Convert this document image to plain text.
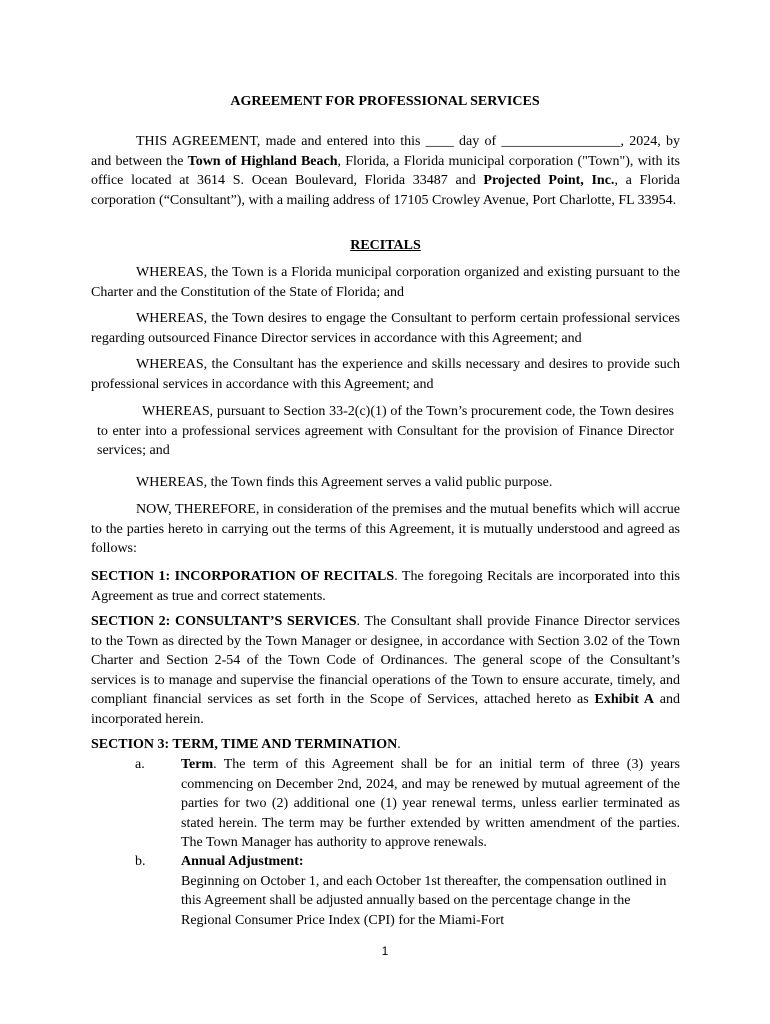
AGREEMENT FOR PROFESSIONAL SERVICES
THIS AGREEMENT, made and entered into this ____ day of _________________, 2024, by and between the Town of Highland Beach, Florida, a Florida municipal corporation ("Town"), with its office located at 3614 S. Ocean Boulevard, Florida 33487 and Projected Point, Inc., a Florida corporation (“Consultant”), with a mailing address of 17105 Crowley Avenue, Port Charlotte, FL 33954.
RECITALS
WHEREAS, the Town is a Florida municipal corporation organized and existing pursuant to the Charter and the Constitution of the State of Florida; and
WHEREAS, the Town desires to engage the Consultant to perform certain professional services regarding outsourced Finance Director services in accordance with this Agreement; and
WHEREAS, the Consultant has the experience and skills necessary and desires to provide such professional services in accordance with this Agreement; and
WHEREAS, pursuant to Section 33-2(c)(1) of the Town’s procurement code, the Town desires to enter into a professional services agreement with Consultant for the provision of Finance Director services; and
WHEREAS, the Town finds this Agreement serves a valid public purpose.
NOW, THEREFORE, in consideration of the premises and the mutual benefits which will accrue to the parties hereto in carrying out the terms of this Agreement, it is mutually understood and agreed as follows:
SECTION 1: INCORPORATION OF RECITALS. The foregoing Recitals are incorporated into this Agreement as true and correct statements.
SECTION 2: CONSULTANT’S SERVICES. The Consultant shall provide Finance Director services to the Town as directed by the Town Manager or designee, in accordance with Section 3.02 of the Town Charter and Section 2-54 of the Town Code of Ordinances. The general scope of the Consultant’s services is to manage and supervise the financial operations of the Town to ensure accurate, timely, and compliant financial services as set forth in the Scope of Services, attached hereto as Exhibit A and incorporated herein.
SECTION 3: TERM, TIME AND TERMINATION.
a.	Term. The term of this Agreement shall be for an initial term of three (3) years commencing on December 2nd, 2024, and may be renewed by mutual agreement of the parties for two (2) additional one (1) year renewal terms, unless earlier terminated as stated herein. The term may be further extended by written amendment of the parties. The Town Manager has authority to approve renewals.
b.	Annual Adjustment:
Beginning on October 1, and each October 1st thereafter, the compensation outlined in this Agreement shall be adjusted annually based on the percentage change in the Regional Consumer Price Index (CPI) for the Miami-Fort
1
